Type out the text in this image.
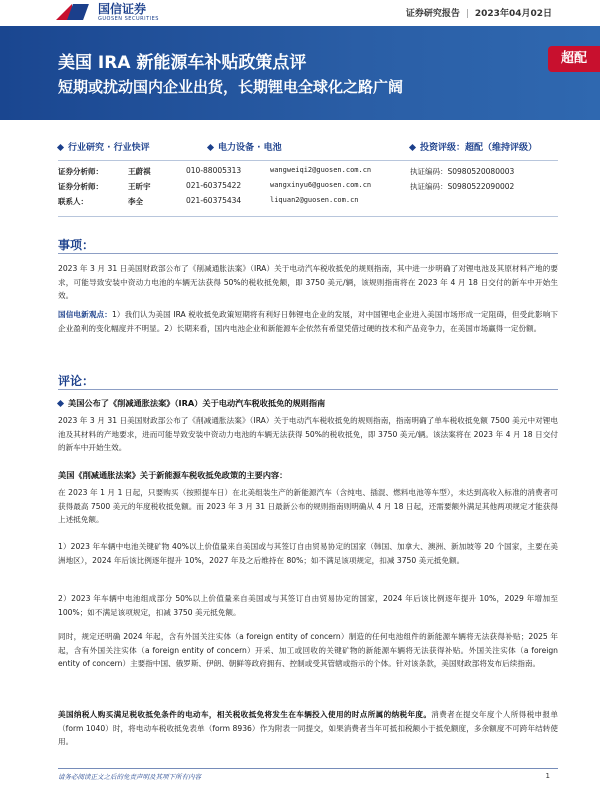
国信证券
GUOSEN SECURITIES	证券研究报告 | 2023年04月02日
美国 IRA 新能源车补贴政策点评
短期或扰动国内企业出货，长期锂电全球化之路广阔
超配
行业研究 · 行业快评	电力设备 · 电池	投资评级：超配（维持评级）
证券分析师：	王蔚祺	010-88005313	wangweiqi2@guosen.com.cn	执证编码：S0980520080003
证券分析师：	王昕宇	021-60375422	wangxinyu6@guosen.com.cn	执证编码：S0980522090002
联系人：	李全	021-60375434	liquan2@guosen.com.cn
事项：
2023 年 3 月 31 日美国财政部公布了《削减通胀法案》（IRA）关于电动汽车税收抵免的规则指南，其中进一步明确了对锂电池及其原材料产地的要求，可能导致安装中资动力电池的车辆无法获得 50%的税收抵免额，即 3750 美元/辆，该规则指南将在 2023 年 4 月 18 日交付的新车中开始生效。
国信电新观点：1）我们认为美国 IRA 税收抵免政策短期将有利好日韩锂电企业的发展，对中国锂电企业进入美国市场形成一定阻碍，但受此影响下企业盈利的变化幅度并不明显。2）长期来看，国内电池企业和新能源车企依然有希望凭借过硬的技术和产品竞争力，在美国市场赢得一定份额。
评论：
美国公布了《削减通胀法案》（IRA）关于电动汽车税收抵免的规则指南
2023 年 3 月 31 日美国财政部公布了《削减通胀法案》（IRA）关于电动汽车税收抵免的规则指南，指南明确了单车税收抵免额 7500 美元中对锂电池及其材料的产地要求，进而可能导致安装中资动力电池的车辆无法获得 50%的税收抵免，即 3750 美元/辆。该法案将在 2023 年 4 月 18 日交付的新车中开始生效。
美国《削减通胀法案》关于新能源车税收抵免政策的主要内容：
在 2023 年 1 月 1 日起，只要购买（按照提车日）在北美组装生产的新能源汽车（含纯电、插混、燃料电池等车型），未达到高收入标准的消费者可获得最高 7500 美元的年度税收抵免额。而 2023 年 3 月 31 日最新公布的规则指南则明确从 4 月 18 日起，还需要额外满足其他两项规定才能获得上述抵免额。
1）2023 年车辆中电池关键矿物 40%以上价值量来自美国或与其签订自由贸易协定的国家（韩国、加拿大、澳洲、新加坡等 20 个国家，主要在美洲地区），2024 年后该比例逐年提升 10%，2027 年及之后维持在 80%；如不满足该项规定，扣减 3750 美元抵免额。
2）2023 年车辆中电池组成部分 50%以上价值量来自美国或与其签订自由贸易协定的国家，2024 年后该比例逐年提升 10%，2029 年增加至 100%；如不满足该项规定，扣减 3750 美元抵免额。
同时，规定还明确 2024 年起，含有外国关注实体（a foreign entity of concern）制造的任何电池组件的新能源车辆将无法获得补贴；2025 年起，含有外国关注实体（a foreign entity of concern）开采、加工或回收的关键矿物的新能源车辆将无法获得补贴。外国关注实体（a foreign entity of concern）主要指中国、俄罗斯、伊朗、朝鲜等政府拥有、控制或受其管辖或指示的个体。针对该条款，美国财政部将发布后续指南。
美国纳税人购买满足税收抵免条件的电动车，相关税收抵免将发生在车辆投入使用的时点所属的纳税年度。消费者在提交年度个人所得税申报单（form 1040）时，将电动车税收抵免表单（form 8936）作为附表一同提交，如果消费者当年可抵扣税额小于抵免额度，多余额度不可跨年结转使用。
请务必阅读正文之后的免责声明及其项下所有内容	1
